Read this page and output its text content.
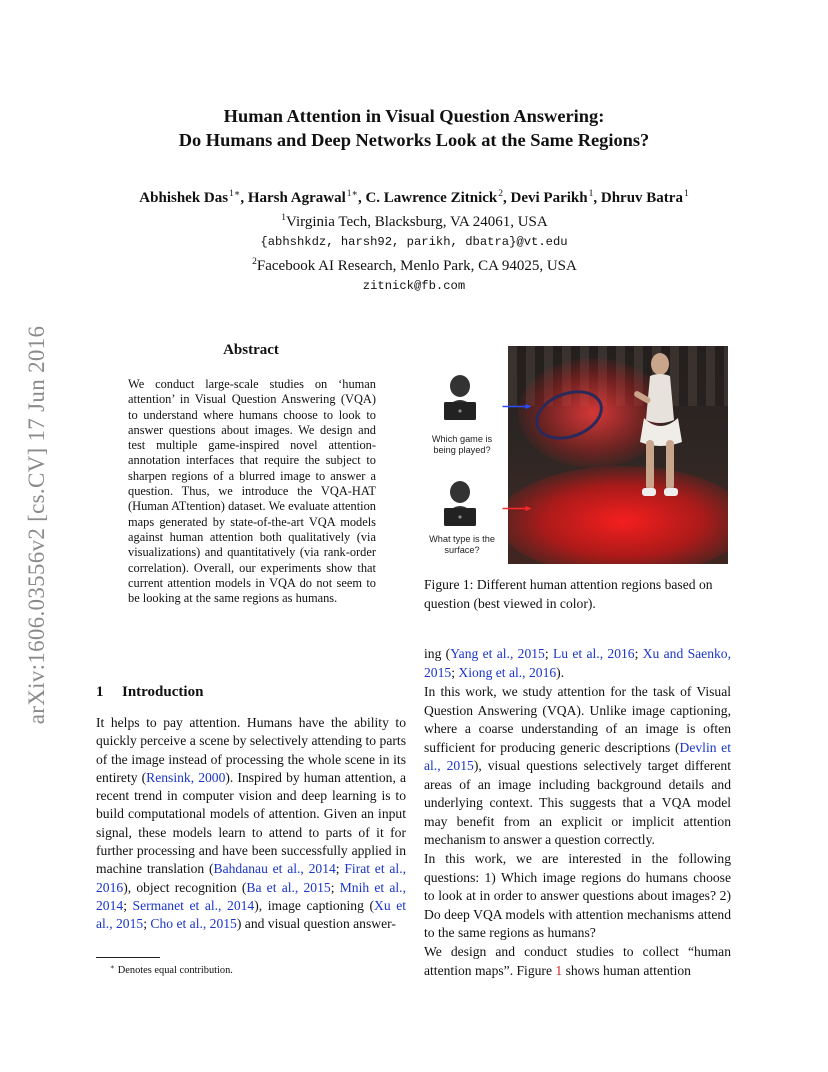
arXiv:1606.03556v2 [cs.CV] 17 Jun 2016
Human Attention in Visual Question Answering:
Do Humans and Deep Networks Look at the Same Regions?
Abhishek Das$^{1∗}$, Harsh Agrawal$^{1∗}$, C. Lawrence Zitnick$^2$, Devi Parikh$^1$, Dhruv Batra$^1$
$^1$Virginia Tech, Blacksburg, VA 24061, USA
{abhshkdz, harsh92, parikh, dbatra}@vt.edu
$^2$Facebook AI Research, Menlo Park, CA 94025, USA
zitnick@fb.com
Abstract
We conduct large-scale studies on ‘human attention’ in Visual Question Answering (VQA) to understand where humans choose to look to answer questions about images. We design and test multiple game-inspired novel attention-annotation interfaces that require the subject to sharpen regions of a blurred image to answer a question. Thus, we introduce the VQA-HAT (Human ATtention) dataset. We evaluate attention maps generated by state-of-the-art VQA models against human attention both qualitatively (via visualizations) and quantitatively (via rank-order correlation). Overall, our experiments show that current attention models in VQA do not seem to be looking at the same regions as humans.
1 Introduction
It helps to pay attention. Humans have the ability to quickly perceive a scene by selectively attending to parts of the image instead of processing the whole scene in its entirety (Rensink, 2000). Inspired by human attention, a recent trend in computer vision and deep learning is to build computational models of attention. Given an input signal, these models learn to attend to parts of it for further processing and have been successfully applied in machine translation (Bahdanau et al., 2014; Firat et al., 2016), object recognition (Ba et al., 2015; Mnih et al., 2014; Sermanet et al., 2014), image captioning (Xu et al., 2015; Cho et al., 2015) and visual question answer-
∗ Denotes equal contribution.
Which game is being played?
What type is the surface?
Figure 1: Different human attention regions based on question (best viewed in color).
ing (Yang et al., 2015; Lu et al., 2016; Xu and Saenko, 2015; Xiong et al., 2016).
In this work, we study attention for the task of Visual Question Answering (VQA). Unlike image captioning, where a coarse understanding of an image is often sufficient for producing generic descriptions (Devlin et al., 2015), visual questions selectively target different areas of an image including background details and underlying context. This suggests that a VQA model may benefit from an explicit or implicit attention mechanism to answer a question correctly.
In this work, we are interested in the following questions: 1) Which image regions do humans choose to look at in order to answer questions about images? 2) Do deep VQA models with attention mechanisms attend to the same regions as humans?
We design and conduct studies to collect “human attention maps”. Figure 1 shows human attention
